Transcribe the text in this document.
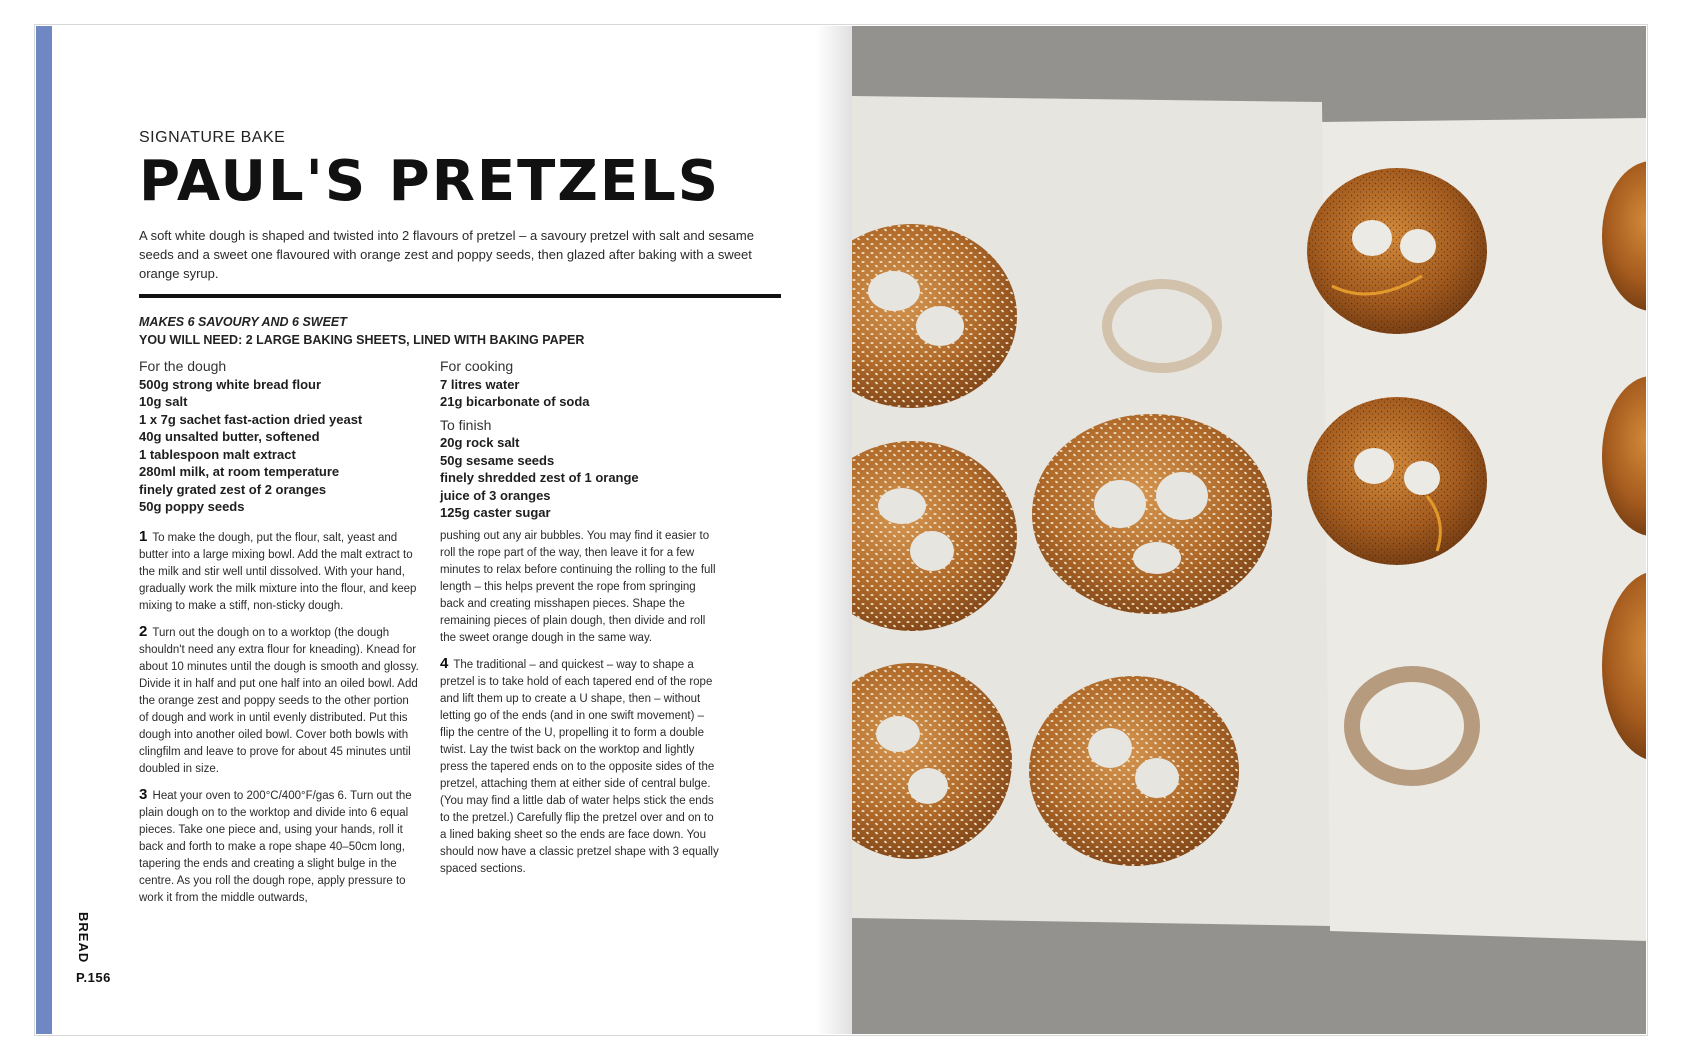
SIGNATURE BAKE
PAUL'S PRETZELS
A soft white dough is shaped and twisted into 2 flavours of pretzel – a savoury pretzel with salt and sesame seeds and a sweet one flavoured with orange zest and poppy seeds, then glazed after baking with a sweet orange syrup.
MAKES 6 SAVOURY AND 6 SWEET
YOU WILL NEED: 2 LARGE BAKING SHEETS, LINED WITH BAKING PAPER
For the dough
500g strong white bread flour
10g salt
1 x 7g sachet fast-action dried yeast
40g unsalted butter, softened
1 tablespoon malt extract
280ml milk, at room temperature
finely grated zest of 2 oranges
50g poppy seeds
For cooking
7 litres water
21g bicarbonate of soda
To finish
20g rock salt
50g sesame seeds
finely shredded zest of 1 orange
juice of 3 oranges
125g caster sugar

1 To make the dough, put the flour, salt, yeast and butter into a large mixing bowl. Add the malt extract to the milk and stir well until dissolved. With your hand, gradually work the milk mixture into the flour, and keep mixing to make a stiff, non-sticky dough.

2 Turn out the dough on to a worktop (the dough shouldn't need any extra flour for kneading). Knead for about 10 minutes until the dough is smooth and glossy. Divide it in half and put one half into an oiled bowl. Add the orange zest and poppy seeds to the other portion of dough and work in until evenly distributed. Put this dough into another oiled bowl. Cover both bowls with clingfilm and leave to prove for about 45 minutes until doubled in size.

3 Heat your oven to 200°C/400°F/gas 6. Turn out the plain dough on to the worktop and divide into 6 equal pieces. Take one piece and, using your hands, roll it back and forth to make a rope shape 40–50cm long, tapering the ends and creating a slight bulge in the centre. As you roll the dough rope, apply pressure to work it from the middle outwards,

pushing out any air bubbles. You may find it easier to roll the rope part of the way, then leave it for a few minutes to relax before continuing the rolling to the full length – this helps prevent the rope from springing back and creating misshapen pieces. Shape the remaining pieces of plain dough, then divide and roll the sweet orange dough in the same way.

4 The traditional – and quickest – way to shape a pretzel is to take hold of each tapered end of the rope and lift them up to create a U shape, then – without letting go of the ends (and in one swift movement) – flip the centre of the U, propelling it to form a double twist. Lay the twist back on the worktop and lightly press the tapered ends on to the opposite sides of the pretzel, attaching them at either side of central bulge. (You may find a little dab of water helps stick the ends to the pretzel.) Carefully flip the pretzel over and on to a lined baking sheet so the ends are face down. You should now have a classic pretzel shape with 3 equally spaced sections.

BREAD
P.156
